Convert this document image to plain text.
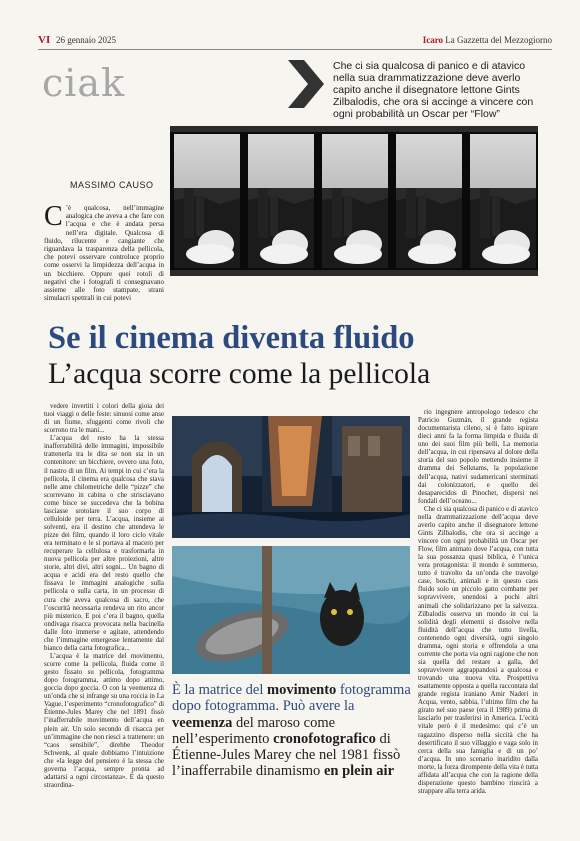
VI 26 gennaio 2025	Icaro La Gazzetta del Mezzogiorno
ciak	Che ci sia qualcosa di panico e di atavico nella sua drammatizzazione deve averlo capito anche il disegnatore lettone Gints Zilbalodis, che ora si accinge a vincere con ogni probabilità un Oscar per “Flow”
MASSIMO CAUSO
C ’è qualcosa, nell’immagine analogica che aveva a che fare con l’acqua e che è andata persa nell’era digitale. Qualcosa di fluido, rilucente e cangiante che riguardava la trasparenza della pellicola, che potevi osservare controluce proprio come osservi la limpidezza dell’acqua in un bicchiere. Oppure quei rotoli di negativi che i fotografi ti consegnavano assieme alle foto stampate, strani simulacri spettrali in cui potevi
Se il cinema diventa fluido
L’acqua scorre come la pellicola

vedere invertiti i colori della gioia dei tuoi viaggi o delle feste: sinuosi come anse di un fiume, sfuggenti come rivoli che scorrono tra le mani...

L’acqua del resto ha la stessa inafferrabilità delle immagini, impossibile trattenerla tra le dita se non sta in un contenitore: un bicchiere, ovvero una foto, il nastro di un film. Ai tempi in cui c’era la pellicola, il cinema era qualcosa che stava nelle ame chilometriche delle “pizze” che scorrevano in cabina o che strisciavano come bisce se succedeva che la bobina lasciasse srotolare il suo corpo di celluloide per terra. L’acqua, insieme ai solventi, era il destino che attendeva le pizze dei film, quando il loro ciclo vitale era terminato e le si portava al macero per recuperare la cellulosa e trasformarla in nuova pellicola per altre proiezioni, altre storie, altri divi, altri sogni... Un bagno di acqua e acidi era del resto quello che fissava le immagini analogiche sulla pellicola o sulla carta, in un processo di cura che aveva qualcosa di sacro, che l’oscurità necessaria rendeva un rito ancor più misterico. E poi c’era il bagno, quella ondivaga risacca provocata nella bacinella dalle foto immerse e agitate, attendendo che l’immagine emergesse lentamente dal bianco della carta fotografica...

L’acqua è la matrice del movimento, scorre come la pellicola, fluida come il gesto fissato su pellicola, fotogramma dopo fotogramma, attimo dopo attimo, goccia dopo goccia. O con la veemenza di un’onda che si infrange su una roccia in La Vague, l’esperimento “cronofotografico” di Étienne-Jules Marey che nel 1891 fissò l’inafferrabile movimento dell’acqua en plein air. Un solo secondo di risacca per un’immagine che non riesci a trattenere: un “caos sensibile”, direbbe Theodor Schwenk, al quale dobbiamo l’intuizione che «la legge del pensiero è la stessa che governa l’acqua, sempre pronta ad adattarsi a ogni circostanza». È da questo straordina-

È la matrice del movimento fotogramma dopo fotogramma. Può avere la veemenza del maroso come nell’esperimento cronofotografico di Étienne-Jules Marey che nel 1981 fissò l’inafferrabile dinamismo en plein air

rio ingegnere antropologo tedesco che Patricio Guzmán, il grande regista documentarista cileno, si è fatto ispirare dieci anni fa la forma limpida e fluida di uno dei suoi film più belli, La memoria dell’acqua, in cui ripensava al dolore della storia del suo popolo mettendo insieme il dramma dei Selknams, la popolazione dell’acqua, nativi sudamericani sterminati dai colonizzatori, e quello dei desaparecidos di Pinochet, dispersi nei fondali dell’oceano...

Che ci sia qualcosa di panico e di atavico nella drammatizzazione dell’acqua deve averlo capito anche il disegnatore lettone Gints Zilbalodis, che ora si accinge a vincere con ogni probabilità un Oscar per Flow, film animato dove l’acqua, con tutta la sua possanza quasi biblica, è l’unica vera protagonista: il mondo è sommerso, tutto è travolto da un’onda che travolge case, boschi, animali e in questo caos fluido solo un piccolo gatto combatte per sopravvivere, unendosi a pochi altri animali che solidarizzano per la salvezza. Zilbalodis osserva un mondo in cui la solidità degli elementi si dissolve nella fluidità dell’acqua che tutto livella, contenendo ogni diversità, ogni singolo dramma, ogni storia e offrendola a una corrente che porta via ogni ragione che non sia quella del restare a galla, del sopravvivere aggrappandosi a qualcosa e trovando una nuova vita. Prospettiva esattamente opposta a quella raccontata dal grande regista iraniano Amir Naderi in Acqua, vento, sabbia, l’ultimo film che ha girato nel suo paese (era il 1989) prima di lasciarlo per trasferirsi in America. L’ecità vitale però è il medesimo: qui c’è un ragazzino disperso nella siccità che ha desertificato il suo villaggio e vaga solo in cerca della sua famiglia e di un po’ d’acqua. In uno scenario inaridito dalla morte, la forza dirompente della vita è tutta affidata all’acqua che con la ragione della disperazione questo bambino riuscirà a strappare alla terra arida.
